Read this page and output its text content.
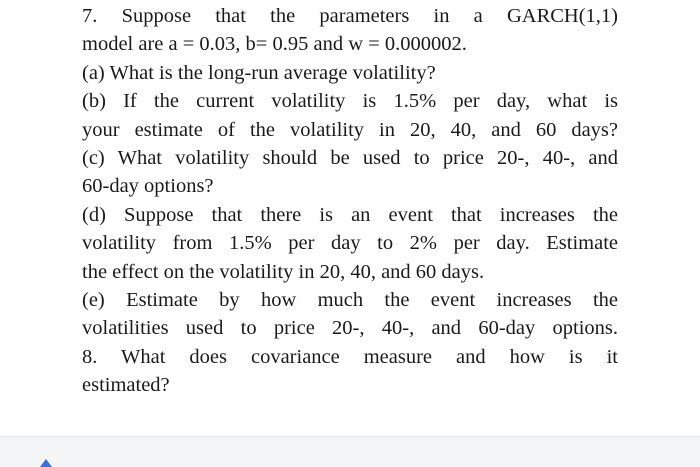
7. Suppose that the parameters in a GARCH(1,1)
model are a = 0.03, b= 0.95 and w = 0.000002.
(a) What is the long-run average volatility?
(b) If the current volatility is 1.5% per day, what is
your estimate of the volatility in 20, 40, and 60 days?
(c) What volatility should be used to price 20-, 40-, and
60-day options?
(d) Suppose that there is an event that increases the
volatility from 1.5% per day to 2% per day. Estimate
the effect on the volatility in 20, 40, and 60 days.
(e) Estimate by how much the event increases the
volatilities used to price 20-, 40-, and 60-day options.
8. What does covariance measure and how is it
estimated?
